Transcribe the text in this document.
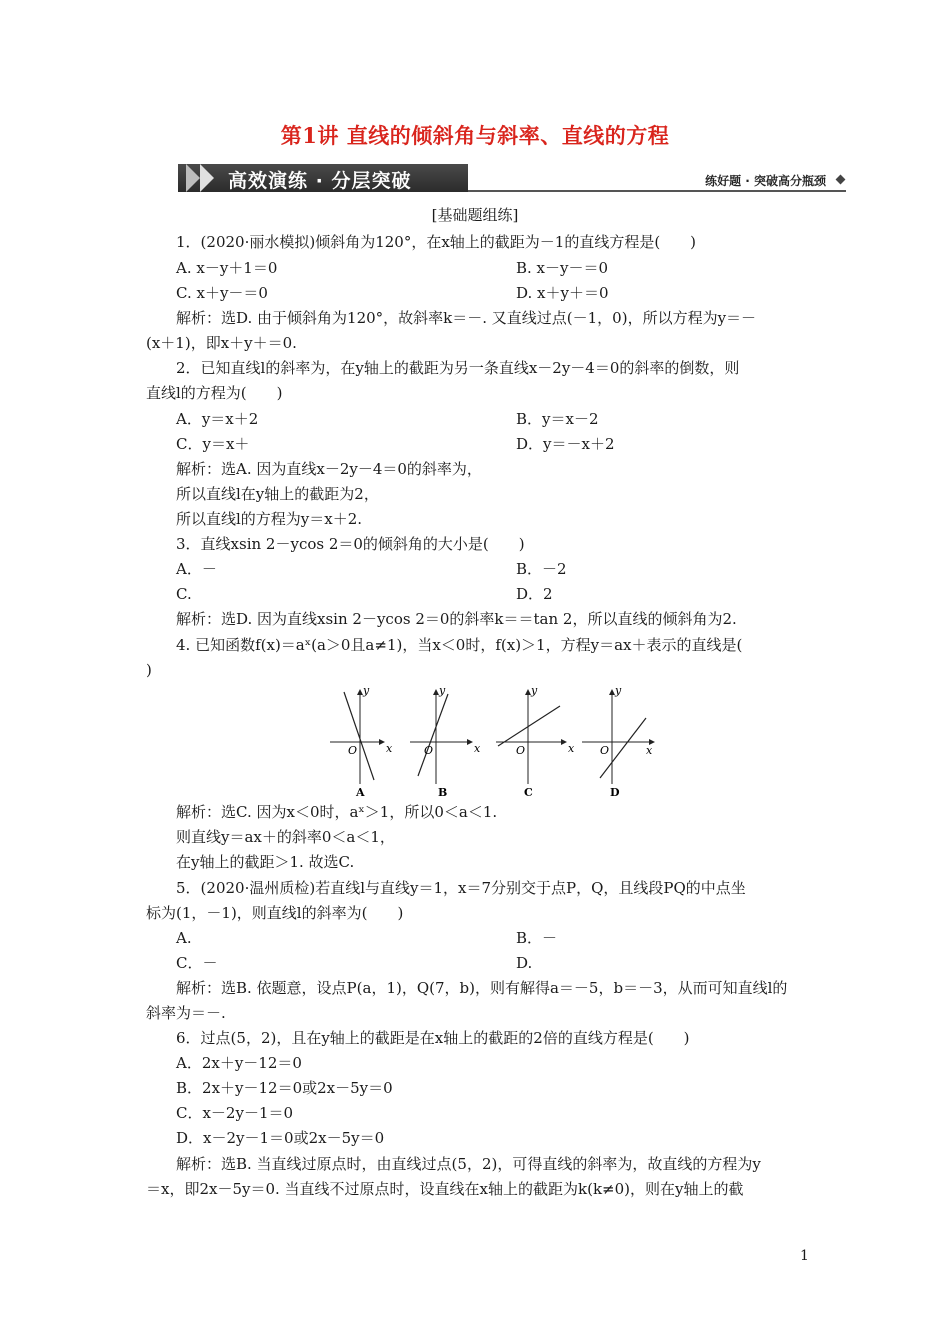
第1讲 直线的倾斜角与斜率、直线的方程
高效演练 · 分层突破	练好题 · 突破高分瓶颈
[基础题组练]
1．(2020·丽水模拟)倾斜角为120°，在x轴上的截距为－1的直线方程是(　　)
A. x－y＋1＝0	B. x－y－＝0
C. x＋y－＝0	D. x＋y＋＝0
解析：选D. 由于倾斜角为120°，故斜率k＝－. 又直线过点(－1，0)，所以方程为y＝－
(x＋1)，即x＋y＋＝0.
2．已知直线l的斜率为，在y轴上的截距为另一条直线x－2y－4＝0的斜率的倒数，则
直线l的方程为(　　)
A．y＝x＋2	B．y＝x－2
C．y＝x＋	D．y＝－x＋2
解析：选A. 因为直线x－2y－4＝0的斜率为，
所以直线l在y轴上的截距为2，
所以直线l的方程为y＝x＋2.
3．直线xsin 2－ycos 2＝0的倾斜角的大小是(　　)
A．－	B．－2
C.	D．2
解析：选D. 因为直线xsin 2－ycos 2＝0的斜率k＝＝tan 2，所以直线的倾斜角为2.
4. 已知函数f(x)＝aˣ(a＞0且a≠1)，当x＜0时，f(x)＞1，方程y＝ax＋表示的直线是(
)
y
x
O
A
y
x
O
B
y
x
O
C
y
x
O
D
解析：选C. 因为x＜0时，aˣ＞1，所以0＜a＜1.
则直线y＝ax＋的斜率0＜a＜1，
在y轴上的截距＞1. 故选C.
5．(2020·温州质检)若直线l与直线y＝1，x＝7分别交于点P，Q，且线段PQ的中点坐
标为(1，－1)，则直线l的斜率为(　　)
A.	B．－
C．－	D.
解析：选B. 依题意，设点P(a，1)，Q(7，b)，则有解得a＝－5，b＝－3，从而可知直线l的
斜率为＝－.
6．过点(5，2)，且在y轴上的截距是在x轴上的截距的2倍的直线方程是(　　)
A．2x＋y－12＝0
B．2x＋y－12＝0或2x－5y＝0
C．x－2y－1＝0
D．x－2y－1＝0或2x－5y＝0
解析：选B. 当直线过原点时，由直线过点(5，2)，可得直线的斜率为，故直线的方程为y
＝x，即2x－5y＝0. 当直线不过原点时，设直线在x轴上的截距为k(k≠0)，则在y轴上的截
1
